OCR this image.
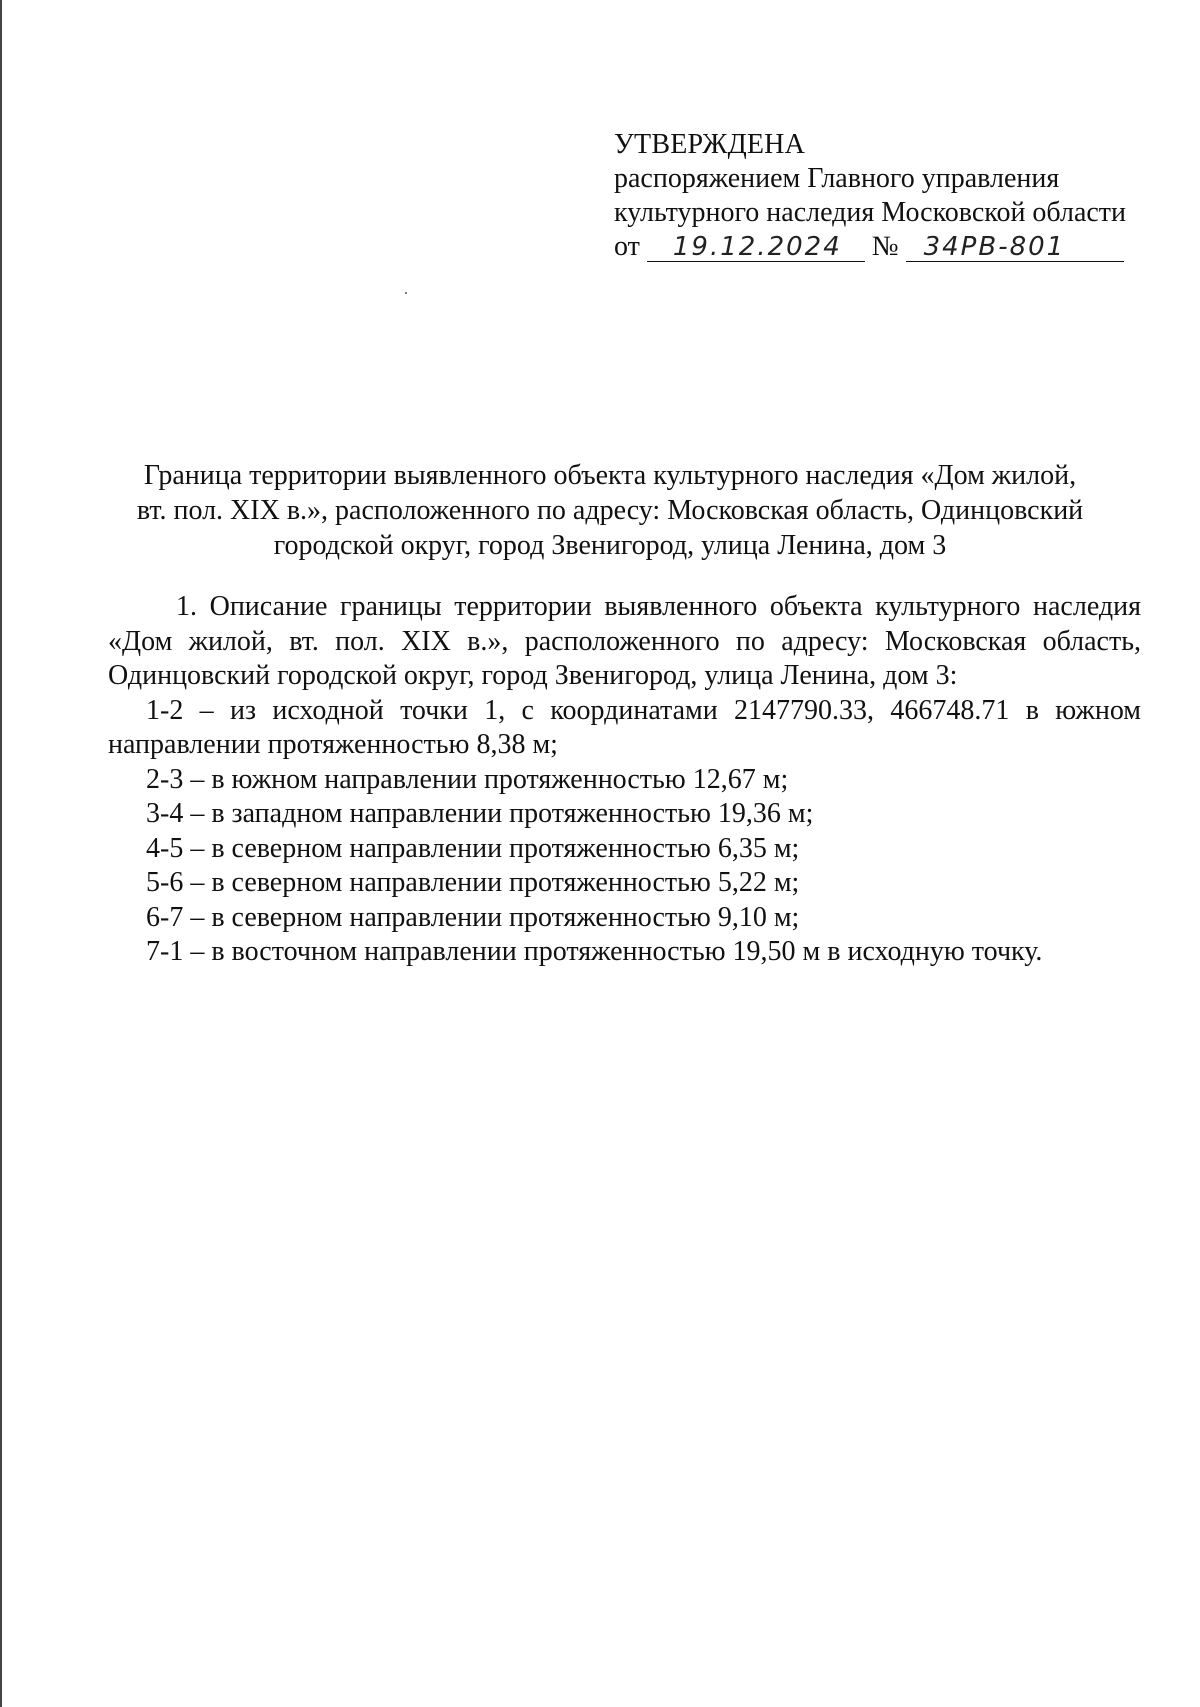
УТВЕРЖДЕНА
распоряжением Главного управления
культурного наследия Московской области
от 19.12.2024 № 34РВ-801
Граница территории выявленного объекта культурного наследия «Дом жилой,
вт. пол. XIX в.», расположенного по адресу: Московская область, Одинцовский
городской округ, город Звенигород, улица Ленина, дом 3

1. Описание границы территории выявленного объекта культурного наследия «Дом жилой, вт. пол. XIX в.», расположенного по адресу: Московская область, Одинцовский городской округ, город Звенигород, улица Ленина, дом 3:

1-2 – из исходной точки 1, с координатами 2147790.33, 466748.71 в южном направлении протяженностью 8,38 м;

2-3 – в южном направлении протяженностью 12,67 м;

3-4 – в западном направлении протяженностью 19,36 м;

4-5 – в северном направлении протяженностью 6,35 м;

5-6 – в северном направлении протяженностью 5,22 м;

6-7 – в северном направлении протяженностью 9,10 м;

7-1 – в восточном направлении протяженностью 19,50 м в исходную точку.
